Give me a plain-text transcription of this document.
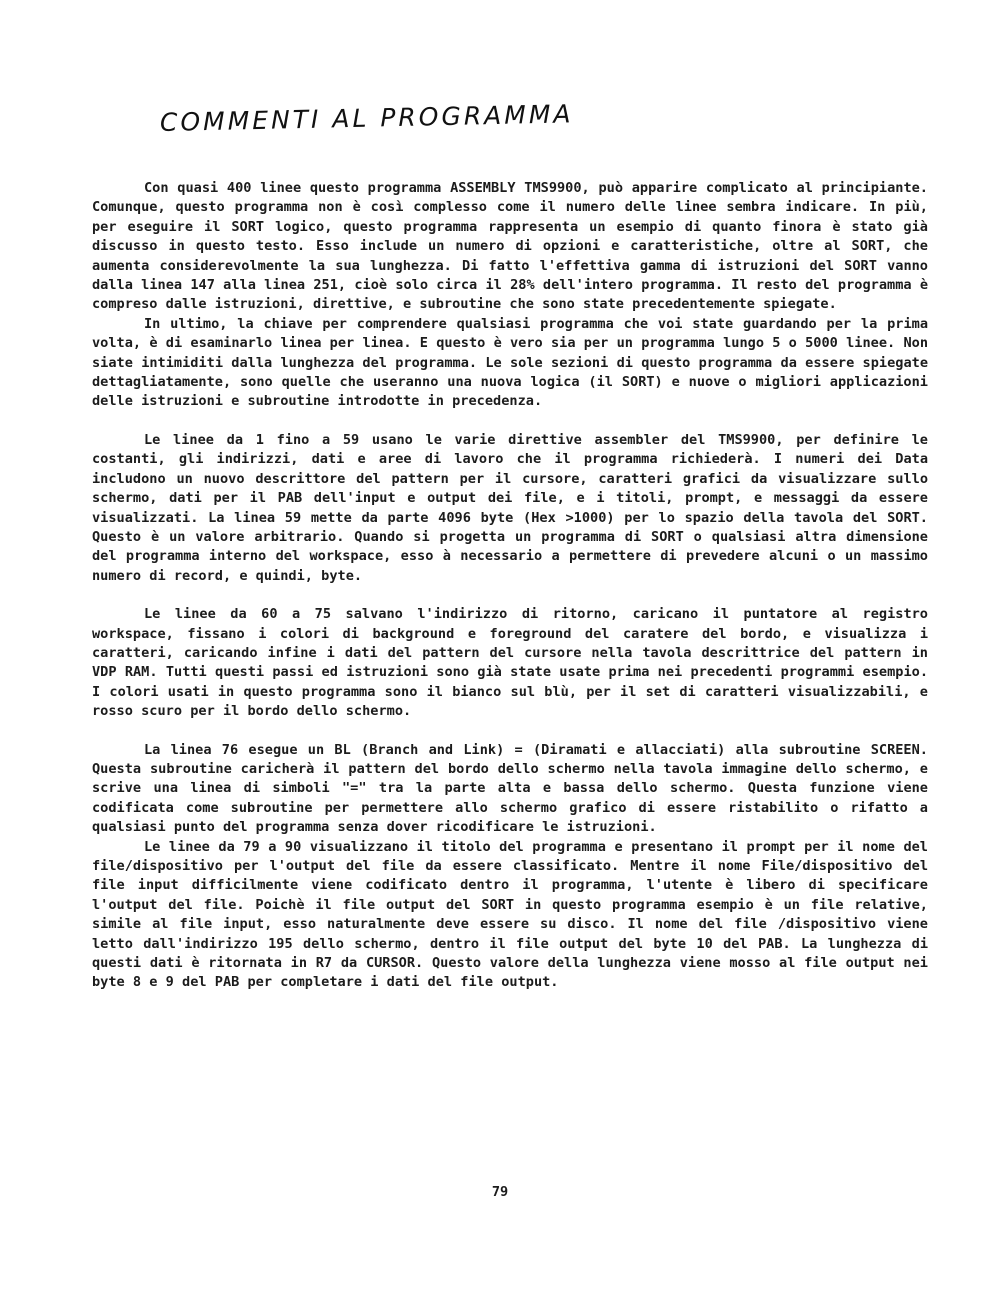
COMMENTI AL PROGRAMMA

Con quasi 400 linee questo programma ASSEMBLY TMS9900, può apparire complicato al principiante. Comunque, questo programma non è così complesso come il numero delle linee sembra indicare. In più, per eseguire il SORT logico, questo programma rappresenta un esempio di quanto finora è stato già discusso in questo testo. Esso include un numero di opzioni e caratteristiche, oltre al SORT, che aumenta considerevolmente la sua lunghezza. Di fatto l'effettiva gamma di istruzioni del SORT vanno dalla linea 147 alla linea 251, cioè solo circa il 28% dell'intero programma. Il resto del programma è compreso dalle istruzioni, direttive, e subroutine che sono state precedentemente spiegate.

In ultimo, la chiave per comprendere qualsiasi programma che voi state guardando per la prima volta, è di esaminarlo linea per linea. E questo è vero sia per un programma lungo 5 o 5000 linee. Non siate intimiditi dalla lunghezza del programma. Le sole sezioni di questo programma da essere spiegate dettagliatamente, sono quelle che useranno una nuova logica (il SORT) e nuove o migliori applicazioni delle istruzioni e subroutine introdotte in precedenza.

Le linee da 1 fino a 59 usano le varie direttive assembler del TMS9900, per definire le costanti, gli indirizzi, dati e aree di lavoro che il programma richiederà. I numeri dei Data includono un nuovo descrittore del pattern per il cursore, caratteri grafici da visualizzare sullo schermo, dati per il PAB dell'input e output dei file, e i titoli, prompt, e messaggi da essere visualizzati. La linea 59 mette da parte 4096 byte (Hex >1000) per lo spazio della tavola del SORT. Questo è un valore arbitrario. Quando si progetta un programma di SORT o qualsiasi altra dimensione del programma interno del workspace, esso à necessario a permettere di prevedere alcuni o un massimo numero di record, e quindi, byte.

Le linee da 60 a 75 salvano l'indirizzo di ritorno, caricano il puntatore al registro workspace, fissano i colori di background e foreground del caratere del bordo, e visualizza i caratteri, caricando infine i dati del pattern del cursore nella tavola descrittrice del pattern in VDP RAM. Tutti questi passi ed istruzioni sono già state usate prima nei precedenti programmi esempio. I colori usati in questo programma sono il bianco sul blù, per il set di caratteri visualizzabili, e rosso scuro per il bordo dello schermo.

La linea 76 esegue un BL (Branch and Link) = (Diramati e allacciati) alla subroutine SCREEN. Questa subroutine caricherà il pattern del bordo dello schermo nella tavola immagine dello schermo, e scrive una linea di simboli "=" tra la parte alta e bassa dello schermo. Questa funzione viene codificata come subroutine per permettere allo schermo grafico di essere ristabilito o rifatto a qualsiasi punto del programma senza dover ricodificare le istruzioni.

Le linee da 79 a 90 visualizzano il titolo del programma e presentano il prompt per il nome del file/dispositivo per l'output del file da essere classificato. Mentre il nome File/dispositivo del file input difficilmente viene codificato dentro il programma, l'utente è libero di specificare l'output del file. Poichè il file output del SORT in questo programma esempio è un file relative, simile al file input, esso naturalmente deve essere su disco. Il nome del file /dispositivo viene letto dall'indirizzo 195 dello schermo, dentro il file output del byte 10 del PAB. La lunghezza di questi dati è ritornata in R7 da CURSOR. Questo valore della lunghezza viene mosso al file output nei byte 8 e 9 del PAB per completare i dati del file output.

79
